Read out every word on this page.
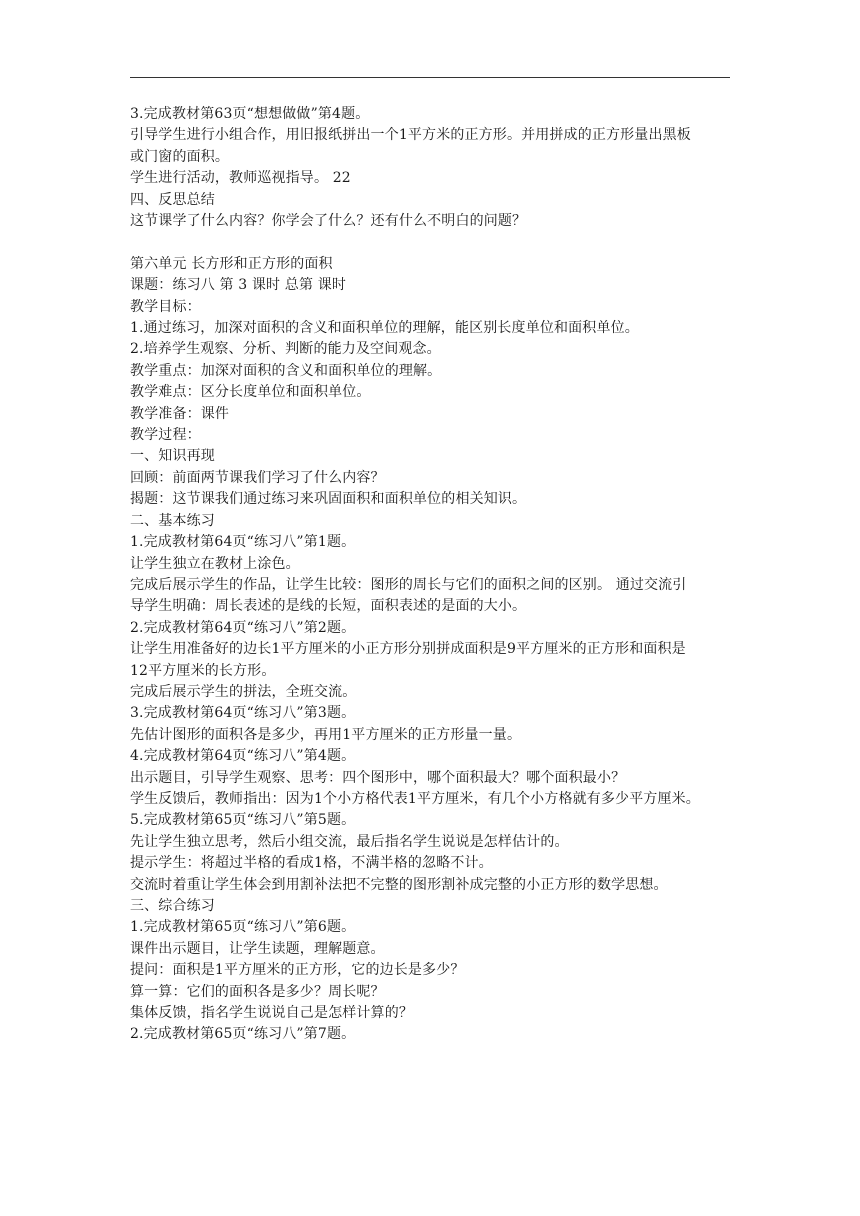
3.完成教材第63页“想想做做”第4题。
引导学生进行小组合作，用旧报纸拼出一个1平方米的正方形。并用拼成的正方形量出黑板
或门窗的面积。
学生进行活动，教师巡视指导。 22
四、反思总结
这节课学了什么内容？你学会了什么？还有什么不明白的问题？
第六单元 长方形和正方形的面积
课题：练习八 第 3 课时 总第 课时
教学目标：
1.通过练习，加深对面积的含义和面积单位的理解，能区别长度单位和面积单位。
2.培养学生观察、分析、判断的能力及空间观念。
教学重点：加深对面积的含义和面积单位的理解。
教学难点：区分长度单位和面积单位。
教学准备：课件
教学过程：
一、知识再现
回顾：前面两节课我们学习了什么内容？
揭题：这节课我们通过练习来巩固面积和面积单位的相关知识。
二、基本练习
1.完成教材第64页“练习八”第1题。
让学生独立在教材上涂色。
完成后展示学生的作品，让学生比较：图形的周长与它们的面积之间的区别。 通过交流引
导学生明确：周长表述的是线的长短，面积表述的是面的大小。
2.完成教材第64页“练习八”第2题。
让学生用准备好的边长1平方厘米的小正方形分别拼成面积是9平方厘米的正方形和面积是
12平方厘米的长方形。
完成后展示学生的拼法，全班交流。
3.完成教材第64页“练习八”第3题。
先估计图形的面积各是多少，再用1平方厘米的正方形量一量。
4.完成教材第64页“练习八”第4题。
出示题目，引导学生观察、思考：四个图形中，哪个面积最大？哪个面积最小？
学生反馈后，教师指出：因为1个小方格代表1平方厘米，有几个小方格就有多少平方厘米。
5.完成教材第65页“练习八”第5题。
先让学生独立思考，然后小组交流，最后指名学生说说是怎样估计的。
提示学生：将超过半格的看成1格，不满半格的忽略不计。
交流时着重让学生体会到用割补法把不完整的图形割补成完整的小正方形的数学思想。
三、综合练习
1.完成教材第65页“练习八”第6题。
课件出示题目，让学生读题，理解题意。
提问：面积是1平方厘米的正方形，它的边长是多少？
算一算：它们的面积各是多少？周长呢？
集体反馈，指名学生说说自己是怎样计算的？
2.完成教材第65页“练习八”第7题。
